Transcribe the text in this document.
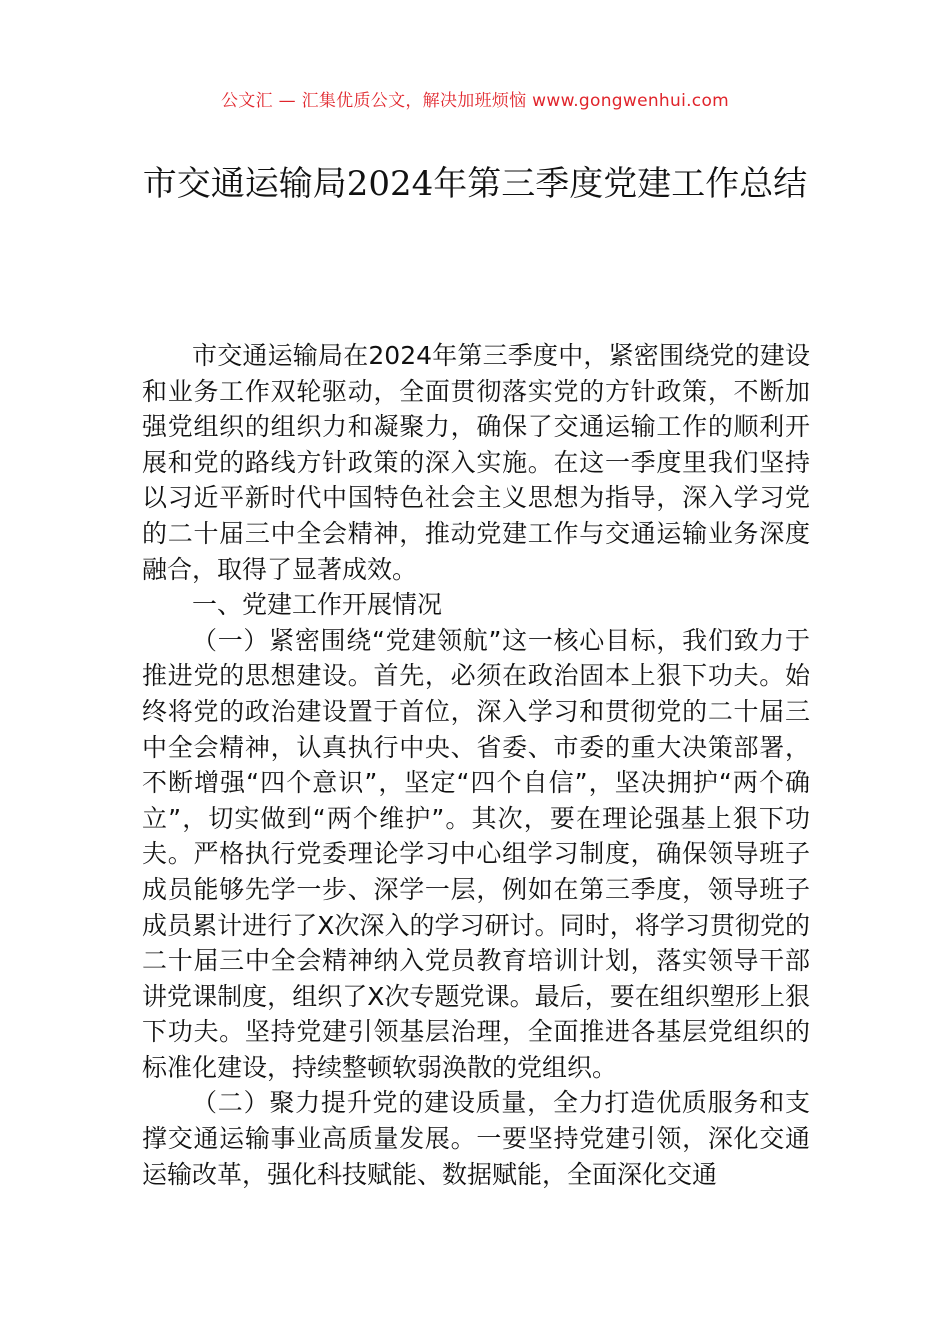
公文汇 — 汇集优质公文，解决加班烦恼 www.gongwenhui.com
市交通运输局2024年第三季度党建工作总结

市交通运输局在2024年第三季度中，紧密围绕党的建设和业务工作双轮驱动，全面贯彻落实党的方针政策，不断加强党组织的组织力和凝聚力，确保了交通运输工作的顺利开展和党的路线方针政策的深入实施。在这一季度里我们坚持以习近平新时代中国特色社会主义思想为指导，深入学习党的二十届三中全会精神，推动党建工作与交通运输业务深度融合，取得了显著成效。

一、党建工作开展情况

（一）紧密围绕“党建领航”这一核心目标，我们致力于推进党的思想建设。首先，必须在政治固本上狠下功夫。始终将党的政治建设置于首位，深入学习和贯彻党的二十届三中全会精神，认真执行中央、省委、市委的重大决策部署，不断增强“四个意识”，坚定“四个自信”，坚决拥护“两个确立”，切实做到“两个维护”。其次，要在理论强基上狠下功夫。严格执行党委理论学习中心组学习制度，确保领导班子成员能够先学一步、深学一层，例如在第三季度，领导班子成员累计进行了X次深入的学习研讨。同时，将学习贯彻党的二十届三中全会精神纳入党员教育培训计划，落实领导干部讲党课制度，组织了X次专题党课。最后，要在组织塑形上狠下功夫。坚持党建引领基层治理，全面推进各基层党组织的标准化建设，持续整顿软弱涣散的党组织。

（二）聚力提升党的建设质量，全力打造优质服务和支撑交通运输事业高质量发展。一要坚持党建引领，深化交通运输改革，强化科技赋能、数据赋能，全面深化交通
